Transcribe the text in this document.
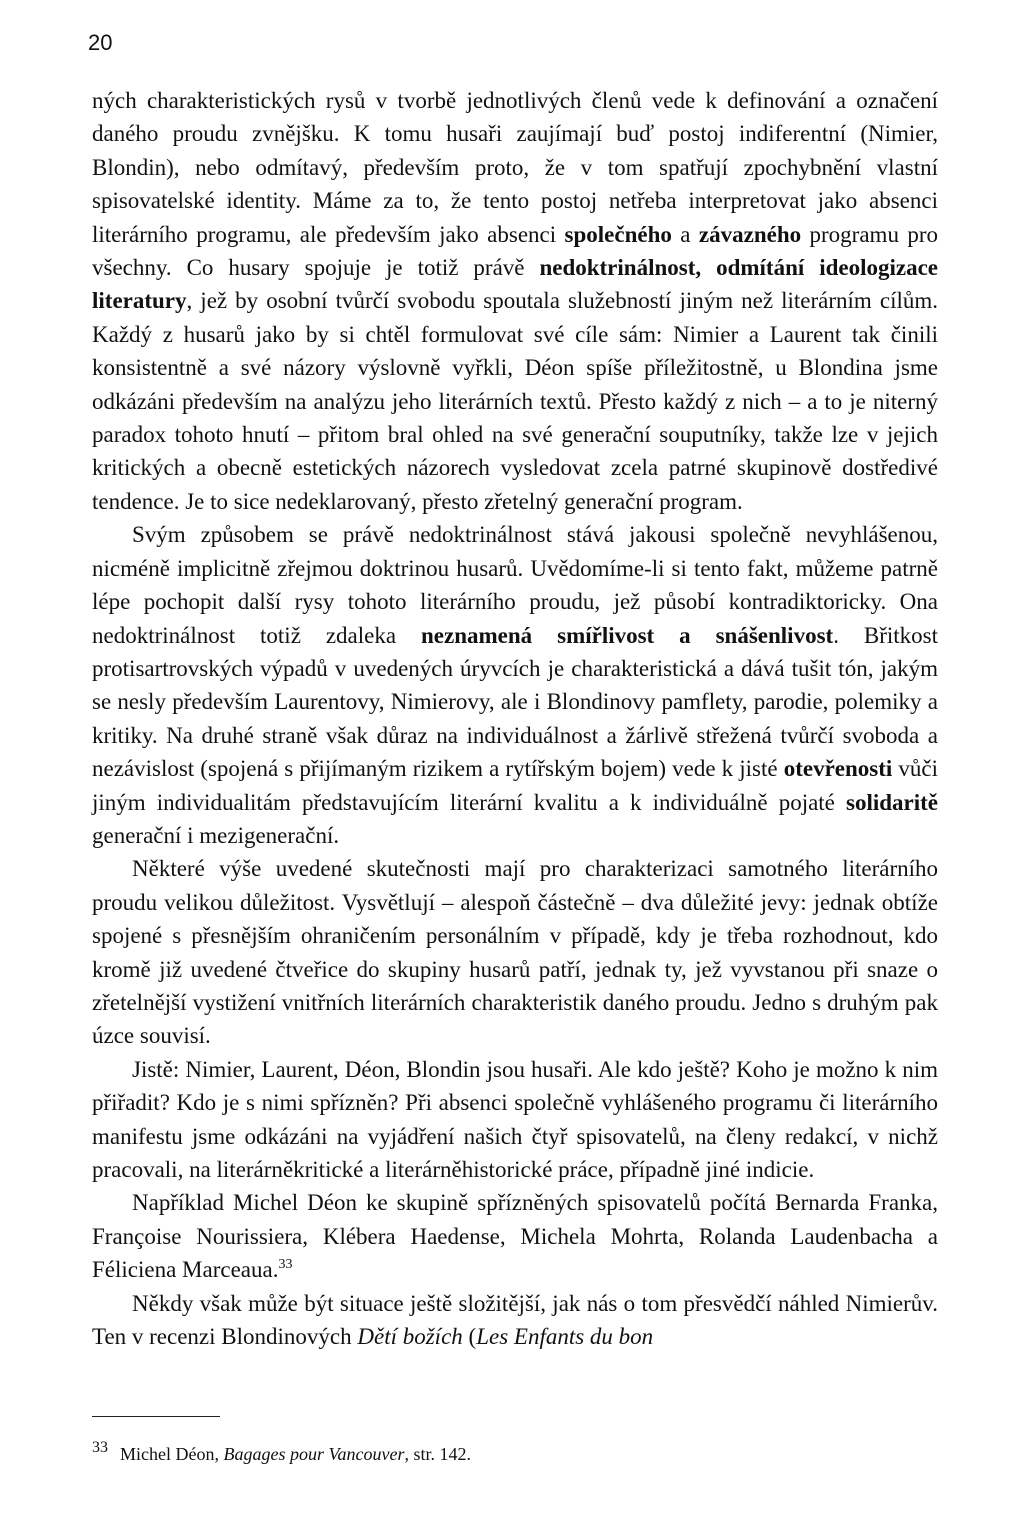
20

ných charakteristických rysů v tvorbě jednotlivých členů vede k definování a označení daného proudu zvnějšku. K tomu husaři zaujímají buď postoj indiferentní (Nimier, Blondin), nebo odmítavý, především proto, že v tom spatřují zpochybnění vlastní spisovatelské identity. Máme za to, že tento postoj netřeba interpretovat jako absenci literárního programu, ale především jako absenci společného a závazného programu pro všechny. Co husary spojuje je totiž právě nedoktrinálnost, odmítání ideologizace literatury, jež by osobní tvůrčí svobodu spoutala služebností jiným než literárním cílům. Každý z husarů jako by si chtěl formulovat své cíle sám: Nimier a Laurent tak činili konsistentně a své názory výslovně vyřkli, Déon spíše příležitostně, u Blondina jsme odkázáni především na analýzu jeho literárních textů. Přesto každý z nich – a to je niterný paradox tohoto hnutí – přitom bral ohled na své generační souputníky, takže lze v jejich kritických a obecně estetických názorech vysledovat zcela patrné skupinově dostředivé tendence. Je to sice nedeklarovaný, přesto zřetelný generační program.

Svým způsobem se právě nedoktrinálnost stává jakousi společně nevyhlášenou, nicméně implicitně zřejmou doktrinou husarů. Uvědomíme-li si tento fakt, můžeme patrně lépe pochopit další rysy tohoto literárního proudu, jež působí kontradiktoricky. Ona nedoktrinálnost totiž zdaleka neznamená smířlivost a snášenlivost. Břitkost protisartrovských výpadů v uvedených úryvcích je charakteristická a dává tušit tón, jakým se nesly především Laurentovy, Nimierovy, ale i Blondinovy pamflety, parodie, polemiky a kritiky. Na druhé straně však důraz na individuálnost a žárlivě střežená tvůrčí svoboda a nezávislost (spojená s přijímaným rizikem a rytířským bojem) vede k jisté otevřenosti vůči jiným individualitám představujícím literární kvalitu a k individuálně pojaté solidaritě generační i mezigenerační.

Některé výše uvedené skutečnosti mají pro charakterizaci samotného literárního proudu velikou důležitost. Vysvětlují – alespoň částečně – dva důležité jevy: jednak obtíže spojené s přesnějším ohraničením personálním v případě, kdy je třeba rozhodnout, kdo kromě již uvedené čtveřice do skupiny husarů patří, jednak ty, jež vyvstanou při snaze o zřetelnější vystižení vnitřních literárních charakteristik daného proudu. Jedno s druhým pak úzce souvisí.

Jistě: Nimier, Laurent, Déon, Blondin jsou husaři. Ale kdo ještě? Koho je možno k nim přiřadit? Kdo je s nimi spřízněn? Při absenci společně vyhlášeného programu či literárního manifestu jsme odkázáni na vyjádření našich čtyř spisovatelů, na členy redakcí, v nichž pracovali, na literárněkritické a literárněhistorické práce, případně jiné indicie.

Například Michel Déon ke skupině spřízněných spisovatelů počítá Bernarda Franka, Françoise Nourissiera, Klébera Haedense, Michela Mohrta, Rolanda Laudenbacha a Féliciena Marceaua.$^{33}$

Někdy však může být situace ještě složitější, jak nás o tom přesvědčí náhled Nimierův. Ten v recenzi Blondinových Dětí božích (Les Enfants du bon

33 Michel Déon, Bagages pour Vancouver, str. 142.
